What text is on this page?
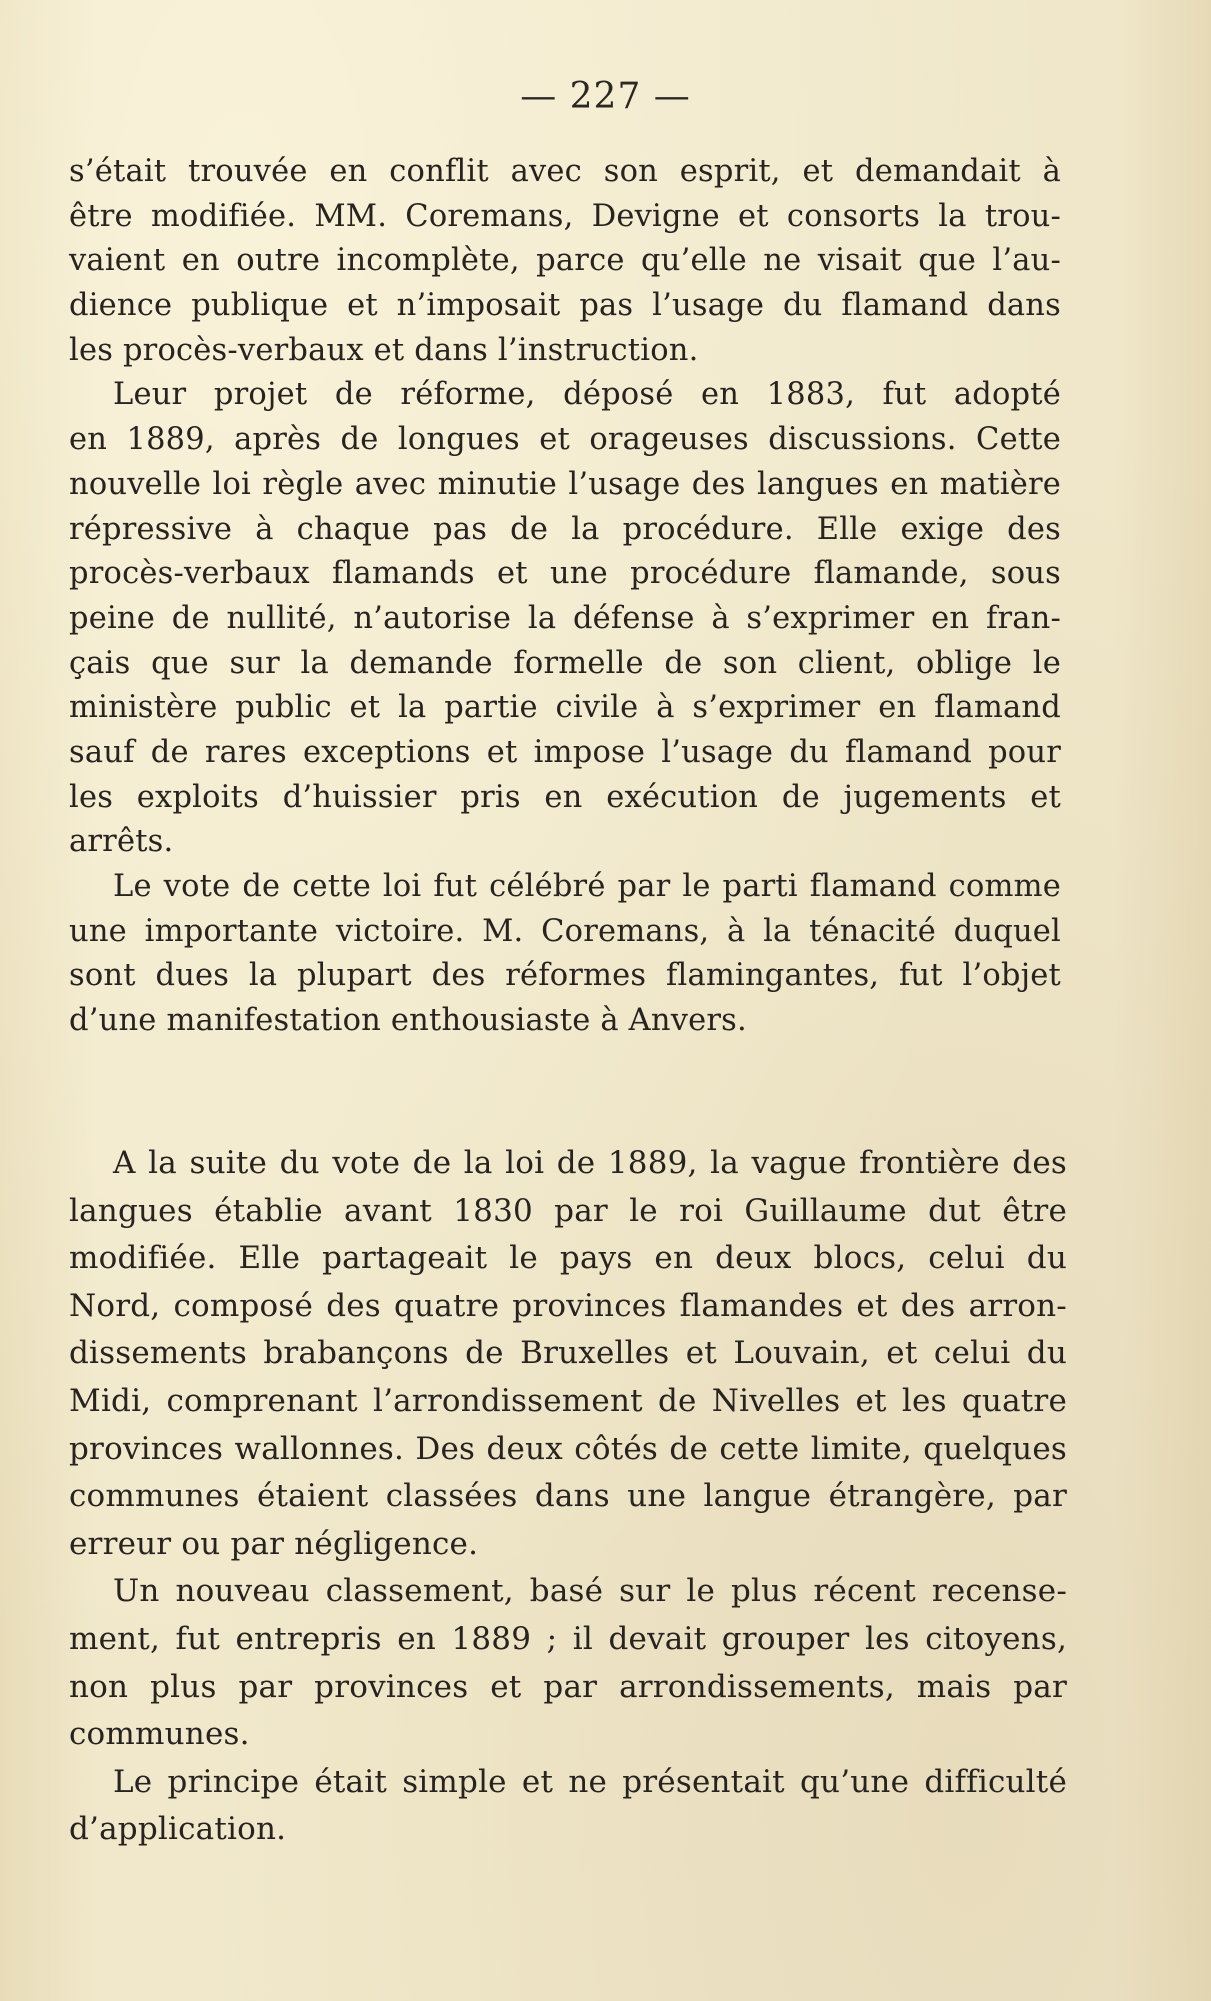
— 227 —
s’était trouvée en conflit avec son esprit, et demandait à
être modifiée. MM. Coremans, Devigne et consorts la trou-
vaient en outre incomplète, parce qu’elle ne visait que l’au-
dience publique et n’imposait pas l’usage du flamand dans
les procès-verbaux et dans l’instruction.
Leur projet de réforme, déposé en 1883, fut adopté
en 1889, après de longues et orageuses discussions. Cette
nouvelle loi règle avec minutie l’usage des langues en matière
répressive à chaque pas de la procédure. Elle exige des
procès-verbaux flamands et une procédure flamande, sous
peine de nullité, n’autorise la défense à s’exprimer en fran-
çais que sur la demande formelle de son client, oblige le
ministère public et la partie civile à s’exprimer en flamand
sauf de rares exceptions et impose l’usage du flamand pour
les exploits d’huissier pris en exécution de jugements et
arrêts.
Le vote de cette loi fut célébré par le parti flamand comme
une importante victoire. M. Coremans, à la ténacité duquel
sont dues la plupart des réformes flamingantes, fut l’objet
d’une manifestation enthousiaste à Anvers.
A la suite du vote de la loi de 1889, la vague frontière des
langues établie avant 1830 par le roi Guillaume dut être
modifiée. Elle partageait le pays en deux blocs, celui du
Nord, composé des quatre provinces flamandes et des arron-
dissements brabançons de Bruxelles et Louvain, et celui du
Midi, comprenant l’arrondissement de Nivelles et les quatre
provinces wallonnes. Des deux côtés de cette limite, quelques
communes étaient classées dans une langue étrangère, par
erreur ou par négligence.
Un nouveau classement, basé sur le plus récent recense-
ment, fut entrepris en 1889 ; il devait grouper les citoyens,
non plus par provinces et par arrondissements, mais par
communes.
Le principe était simple et ne présentait qu’une difficulté
d’application.
